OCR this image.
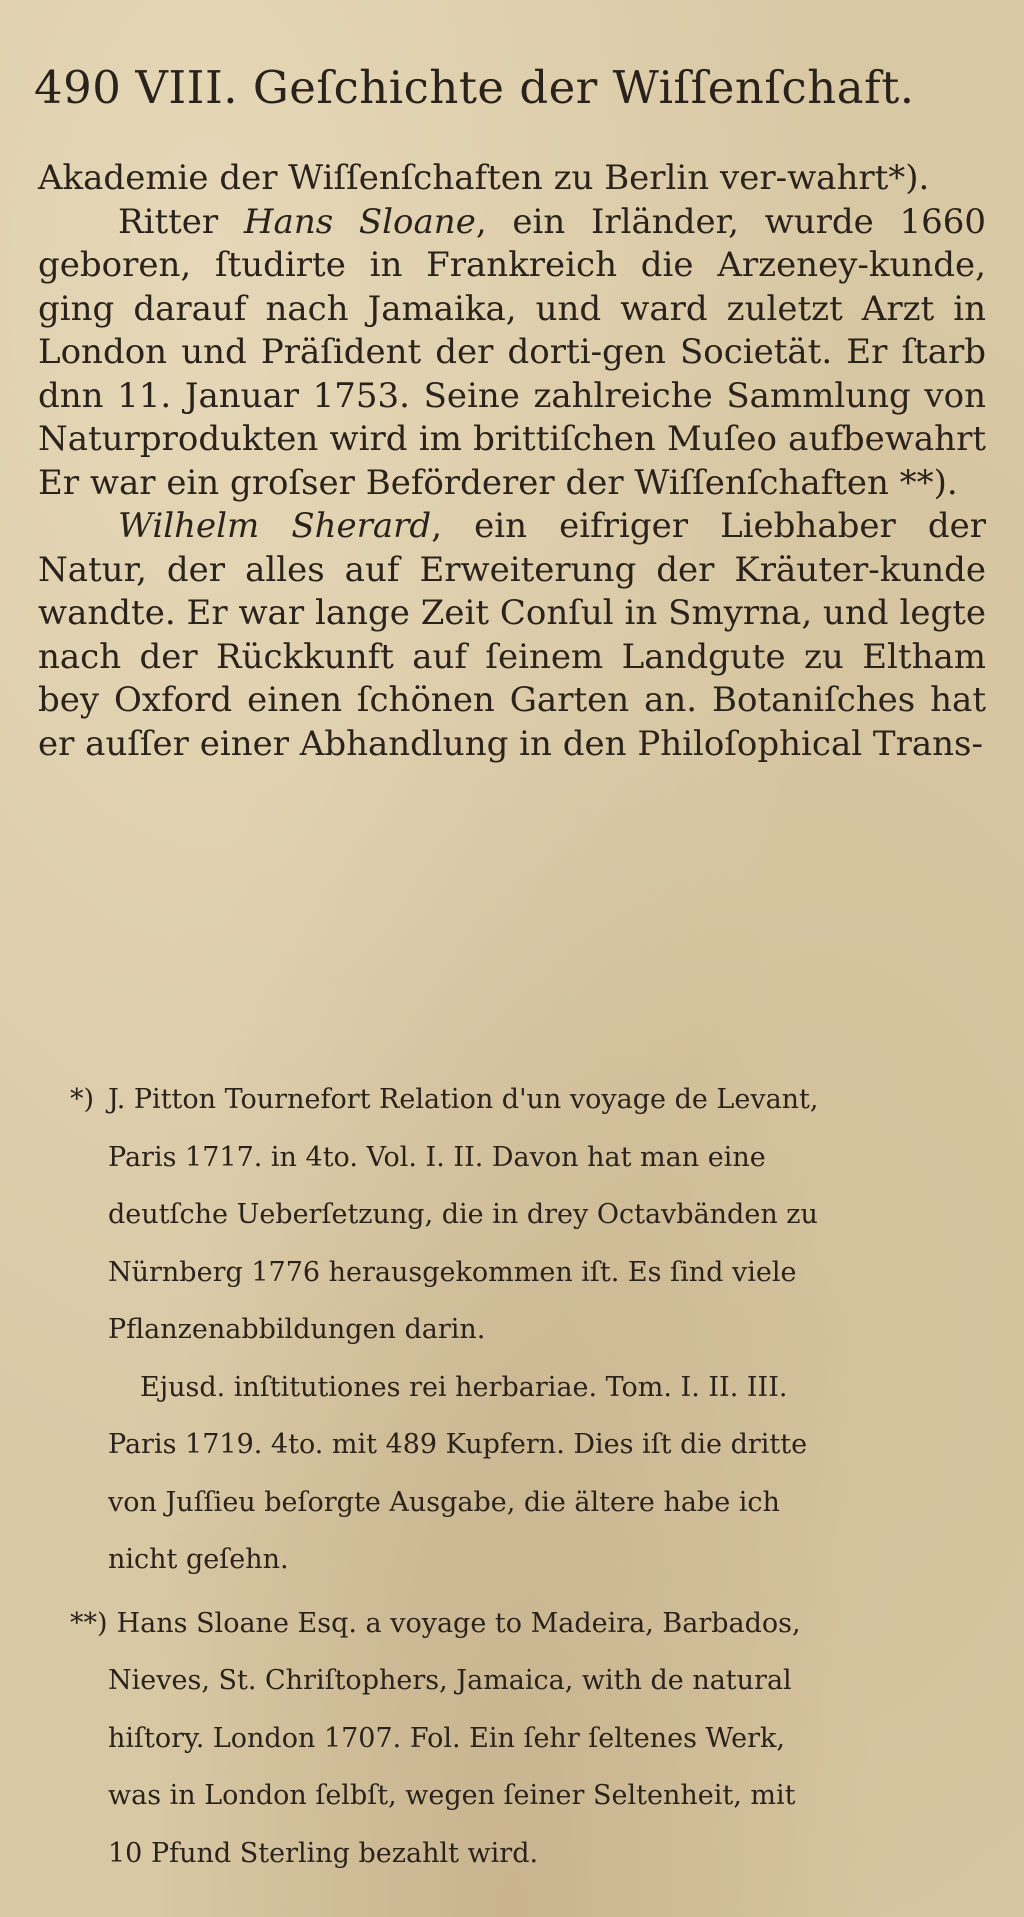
490 VIII. Geſchichte der Wiſſenſchaft.

Akademie der Wiſſenſchaften zu Berlin ver-wahrt*).

Ritter Hans Sloane, ein Irländer, wurde 1660 geboren, ſtudirte in Frankreich die Arzeney-kunde, ging darauf nach Jamaika, und ward zuletzt Arzt in London und Präſident der dorti-gen Societät. Er ſtarb dnn 11. Januar 1753. Seine zahlreiche Sammlung von Naturprodukten wird im brittiſchen Muſeo aufbewahrt Er war ein groſser Beförderer der Wiſſenſchaften **).

Wilhelm Sherard, ein eifriger Liebhaber der Natur, der alles auf Erweiterung der Kräuter-kunde wandte. Er war lange Zeit Conſul in Smyrna, und legte nach der Rückkunft auf ſeinem Landgute zu Eltham bey Oxford einen ſchönen Garten an. Botaniſches hat er auſſer einer Abhandlung in den Philoſophical Trans-

*) J. Pitton Tournefort Relation d'un voyage de Levant,
Paris 1717. in 4to. Vol. I. II. Davon hat man eine
deutſche Ueberſetzung, die in drey Octavbänden zu
Nürnberg 1776 herausgekommen iſt. Es ſind viele
Pflanzenabbildungen darin.
Ejusd. inſtitutiones rei herbariae. Tom. I. II. III.
Paris 1719. 4to. mit 489 Kupfern. Dies iſt die dritte
von Juſſieu beſorgte Ausgabe, die ältere habe ich
nicht geſehn.
**) Hans Sloane Esq. a voyage to Madeira, Barbados,
Nieves, St. Chriſtophers, Jamaica, with de natural
hiſtory. London 1707. Fol. Ein ſehr ſeltenes Werk,
was in London ſelbſt, wegen ſeiner Seltenheit, mit
10 Pfund Sterling bezahlt wird.
